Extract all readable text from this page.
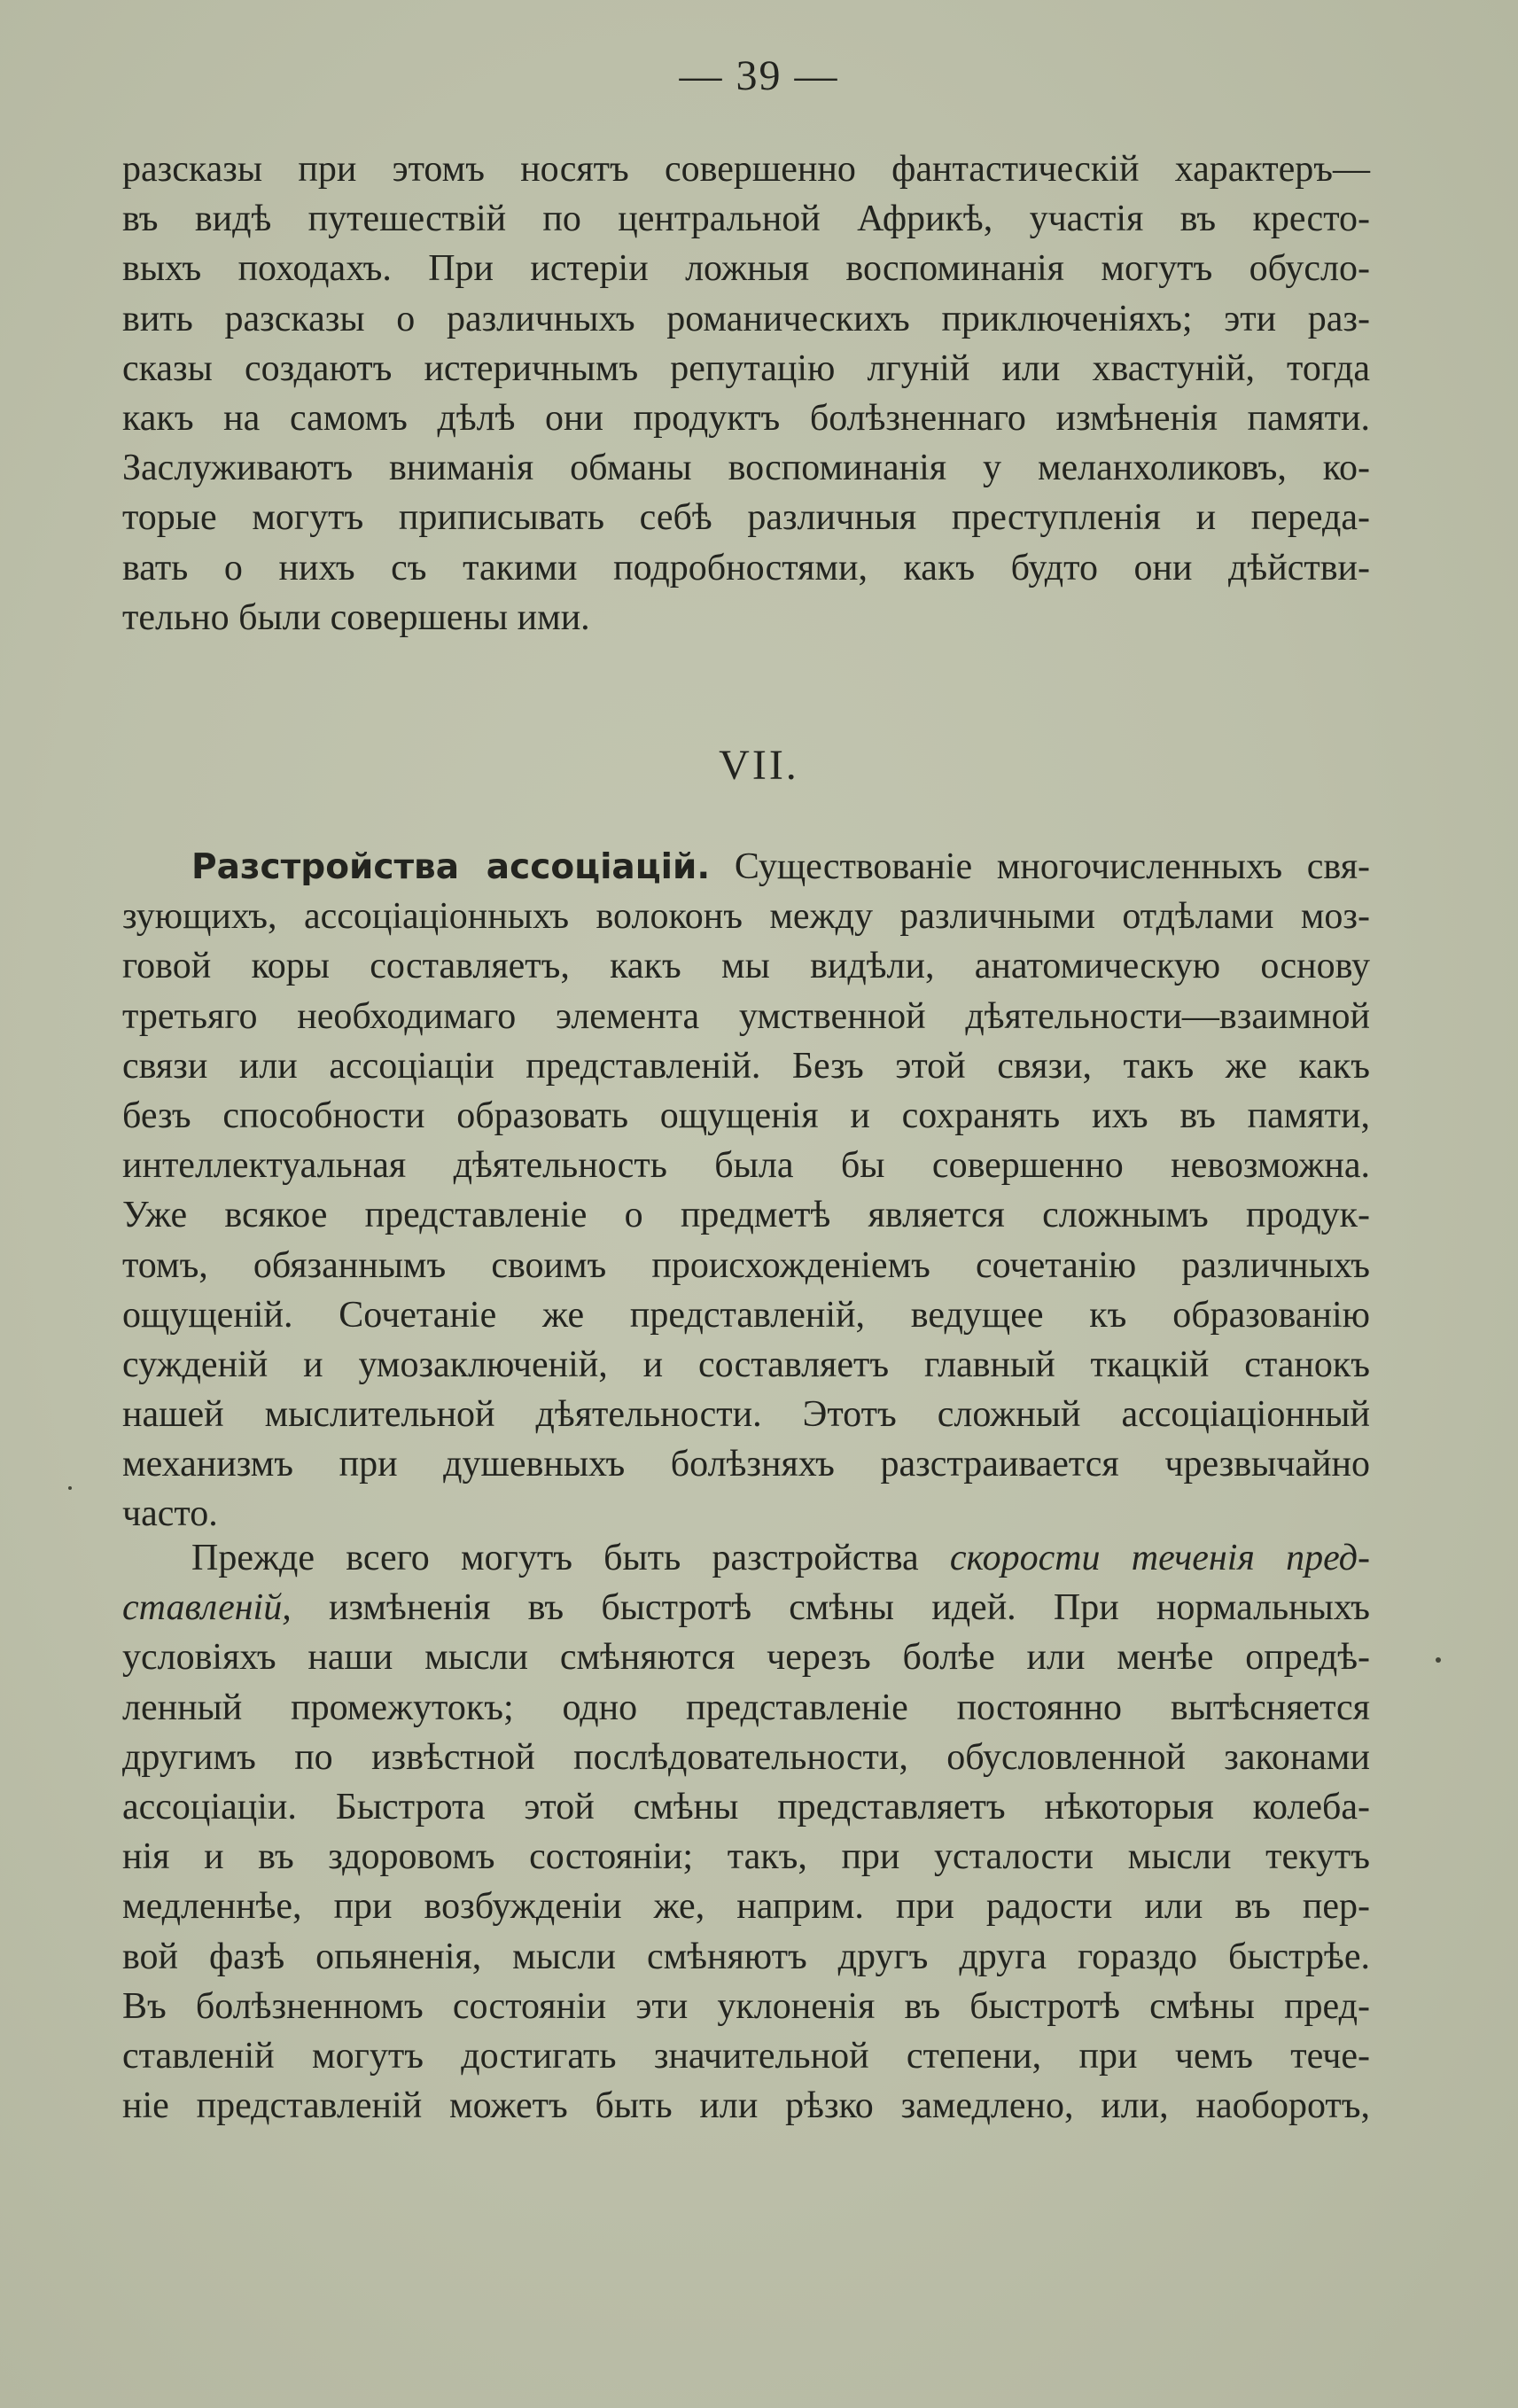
— 39 —
разсказы при этомъ носятъ совершенно фантастическій характеръ—
въ видѣ путешествій по центральной Африкѣ, участія въ кресто-
выхъ походахъ. При истеріи ложныя воспоминанія могутъ обусло-
вить разсказы о различныхъ романическихъ приключеніяхъ; эти раз-
сказы создаютъ истеричнымъ репутацію лгуній или хвастуній, тогда
какъ на самомъ дѣлѣ они продуктъ болѣзненнаго измѣненія памяти.
Заслуживаютъ вниманія обманы воспоминанія у меланхоликовъ, ко-
торые могутъ приписывать себѣ различныя преступленія и переда-
вать о нихъ съ такими подробностями, какъ будто они дѣйстви-
тельно были совершены ими.
VII.
Разстройства ассоціацій. Существованіе многочисленныхъ свя-
зующихъ, ассоціаціонныхъ волоконъ между различными отдѣлами моз-
говой коры составляетъ, какъ мы видѣли, анатомическую основу
третьяго необходимаго элемента умственной дѣятельности—взаимной
связи или ассоціаціи представленій. Безъ этой связи, такъ же какъ
безъ способности образовать ощущенія и сохранять ихъ въ памяти,
интеллектуальная дѣятельность была бы совершенно невозможна.
Уже всякое представленіе о предметѣ является сложнымъ продук-
томъ, обязаннымъ своимъ происхожденіемъ сочетанію различныхъ
ощущеній. Сочетаніе же представленій, ведущее къ образованію
сужденій и умозаключеній, и составляетъ главный ткацкій станокъ
нашей мыслительной дѣятельности. Этотъ сложный ассоціаціонный
механизмъ при душевныхъ болѣзняхъ разстраивается чрезвычайно
часто.
Прежде всего могутъ быть разстройства скорости теченія пред-
ставленій, измѣненія въ быстротѣ смѣны идей. При нормальныхъ
условіяхъ наши мысли смѣняются черезъ болѣе или менѣе опредѣ-
ленный промежутокъ; одно представленіе постоянно вытѣсняется
другимъ по извѣстной послѣдовательности, обусловленной законами
ассоціаціи. Быстрота этой смѣны представляетъ нѣкоторыя колеба-
нія и въ здоровомъ состояніи; такъ, при усталости мысли текутъ
медленнѣе, при возбужденіи же, наприм. при радости или въ пер-
вой фазѣ опьяненія, мысли смѣняютъ другъ друга гораздо быстрѣе.
Въ болѣзненномъ состояніи эти уклоненія въ быстротѣ смѣны пред-
ставленій могутъ достигать значительной степени, при чемъ тече-
ніе представленій можетъ быть или рѣзко замедлено, или, наоборотъ,
